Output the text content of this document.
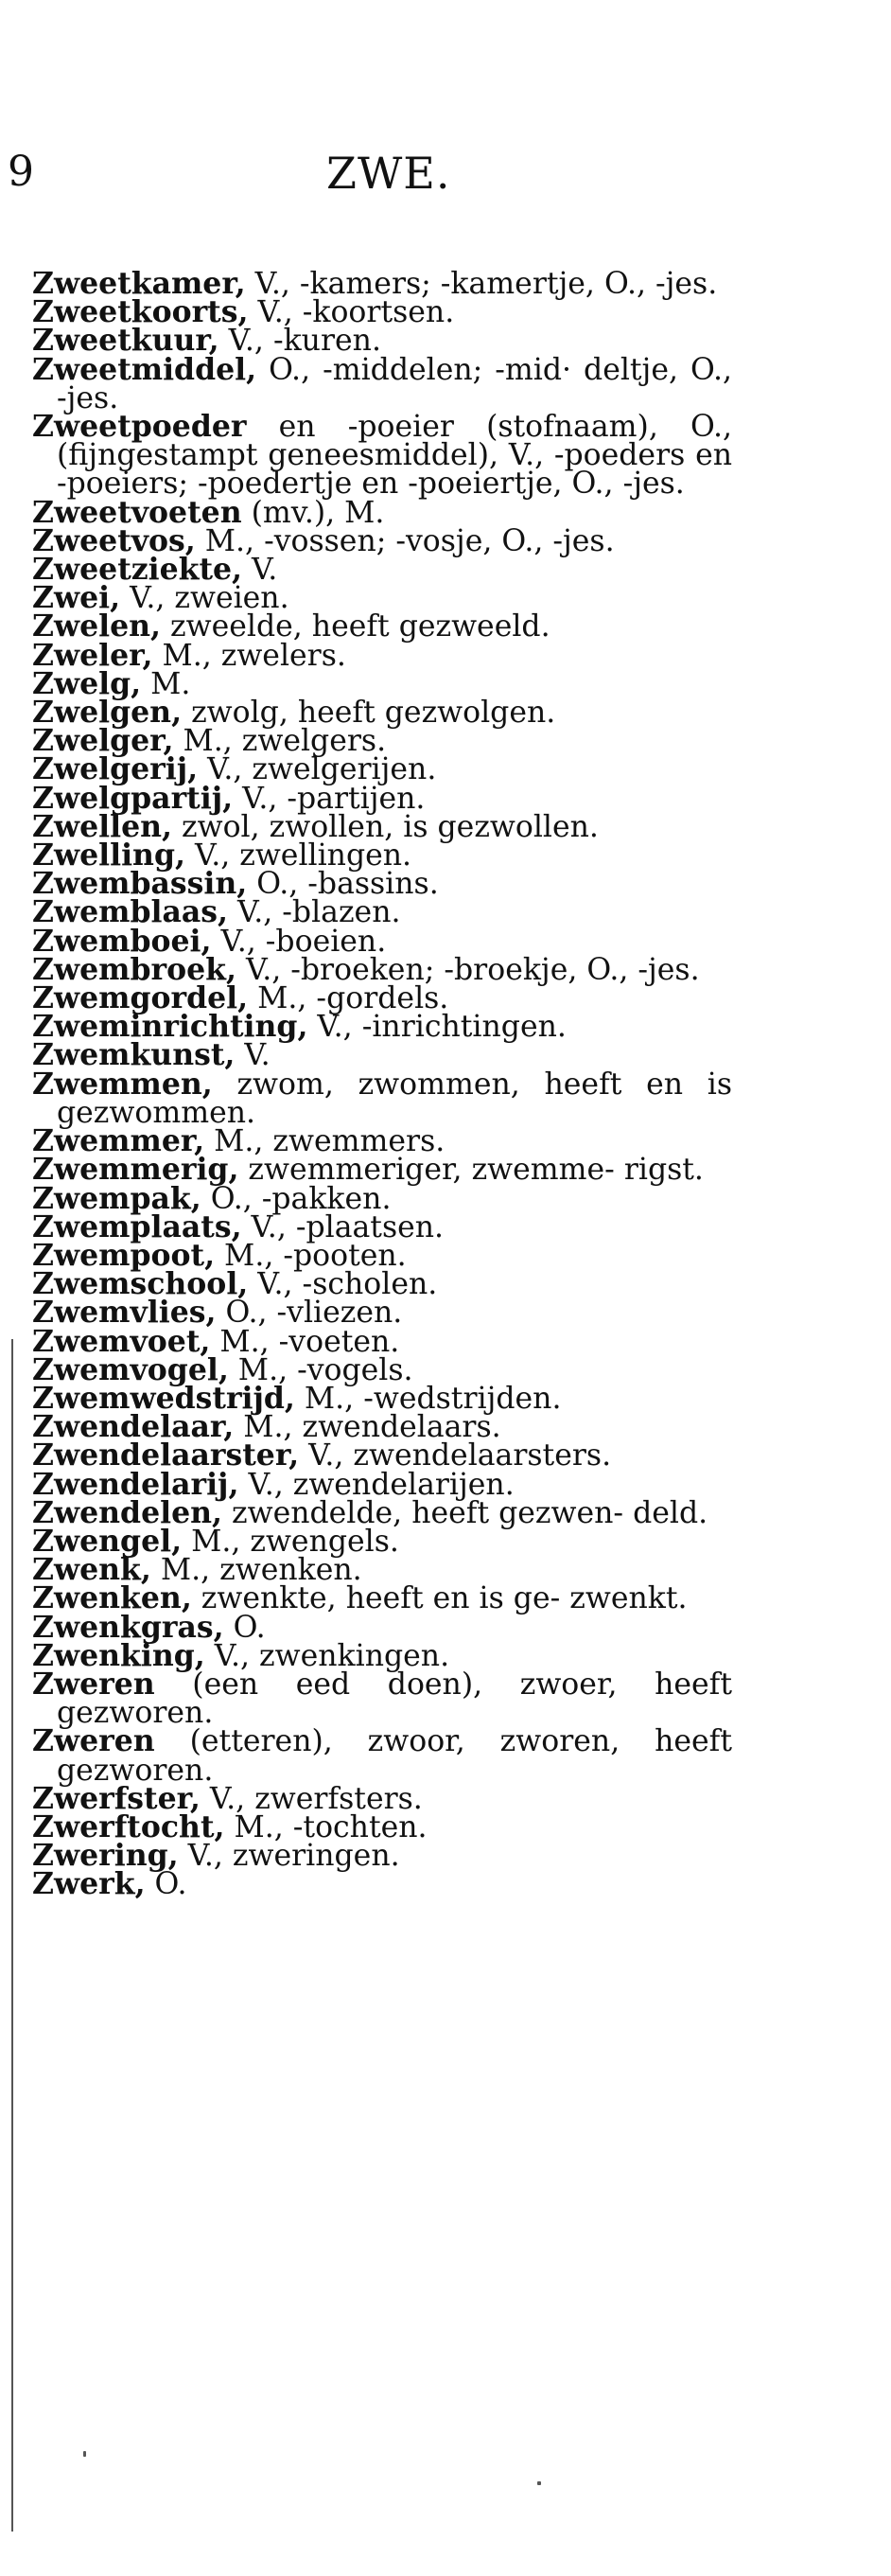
9	ZWE.
Zweetkamer, V., -kamers; -kamertje, O., -jes.
Zweetkoorts, V., -koortsen.
Zweetkuur, V., -kuren.
Zweetmiddel, O., -middelen; -mid· deltje, O., -jes.
Zweetpoeder en -poeier (stofnaam), O., (fijngestampt geneesmiddel), V., -poeders en -poeiers; -poedertje en -poeiertje, O., -jes.
Zweetvoeten (mv.), M.
Zweetvos, M., -vossen; -vosje, O., -jes.
Zweetziekte, V.
Zwei, V., zweien.
Zwelen, zweelde, heeft gezweeld.
Zweler, M., zwelers.
Zwelg, M.
Zwelgen, zwolg, heeft gezwolgen.
Zwelger, M., zwelgers.
Zwelgerij, V., zwelgerijen.
Zwelgpartij, V., -partijen.
Zwellen, zwol, zwollen, is gezwollen.
Zwelling, V., zwellingen.
Zwembassin, O., -bassins.
Zwemblaas, V., -blazen.
Zwemboei, V., -boeien.
Zwembroek, V., -broeken; -broekje, O., -jes.
Zwemgordel, M., -gordels.
Zweminrichting, V., -inrichtingen.
Zwemkunst, V.
Zwemmen, zwom, zwommen, heeft en is gezwommen.
Zwemmer, M., zwemmers.
Zwemmerig, zwemmeriger, zwemme- rigst.
Zwempak, O., -pakken.
Zwemplaats, V., -plaatsen.
Zwempoot, M., -pooten.
Zwemschool, V., -scholen.
Zwemvlies, O., -vliezen.
Zwemvoet, M., -voeten.
Zwemvogel, M., -vogels.
Zwemwedstrijd, M., -wedstrijden.
Zwendelaar, M., zwendelaars.
Zwendelaarster, V., zwendelaarsters.
Zwendelarij, V., zwendelarijen.
Zwendelen, zwendelde, heeft gezwen- deld.
Zwengel, M., zwengels.
Zwenk, M., zwenken.
Zwenken, zwenkte, heeft en is ge- zwenkt.
Zwenkgras, O.
Zwenking, V., zwenkingen.
Zweren (een eed doen), zwoer, heeft gezworen.
Zweren (etteren), zwoor, zworen, heeft gezworen.
Zwerfster, V., zwerfsters.
Zwerftocht, M., -tochten.
Zwering, V., zweringen.
Zwerk, O.
